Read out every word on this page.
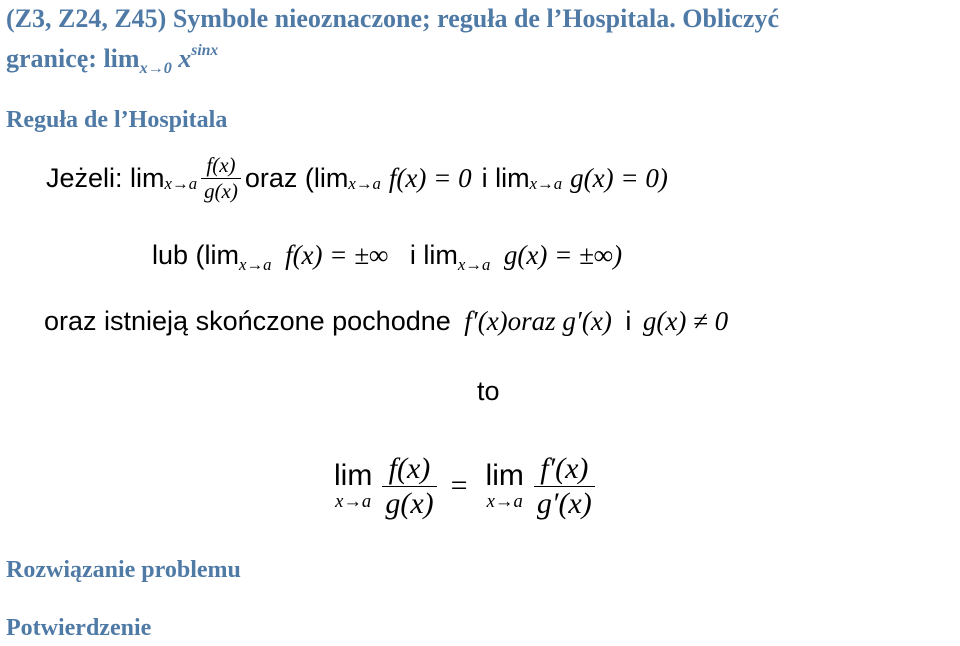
(Z3, Z24, Z45) Symbole nieoznaczone; reguła de l’Hospitala. Obliczyć
granicę: $\lim_{x\to 0} x^{sinx}$
Reguła de l’Hospitala
Jeżeli: $\lim x\to a \frac{f(x)}{g(x)}$ oraz (lim x→a f(x) = 0 i lim x→a g(x) = 0)
lub ($\lim_{x\to a}$ f(x) = ±∞ i $\lim_{x\to a} g(x)$ = ±∞)
oraz istnieją skończone pochodne f′(x)oraz g′(x) i g(x) ≠ 0
to
lim
$x\to a \frac{f(x)}{g(x)} = \lim$
$x\to a \frac{f'(x)}{g'(x)}$
Rozwiązanie problemu
Potwierdzenie
